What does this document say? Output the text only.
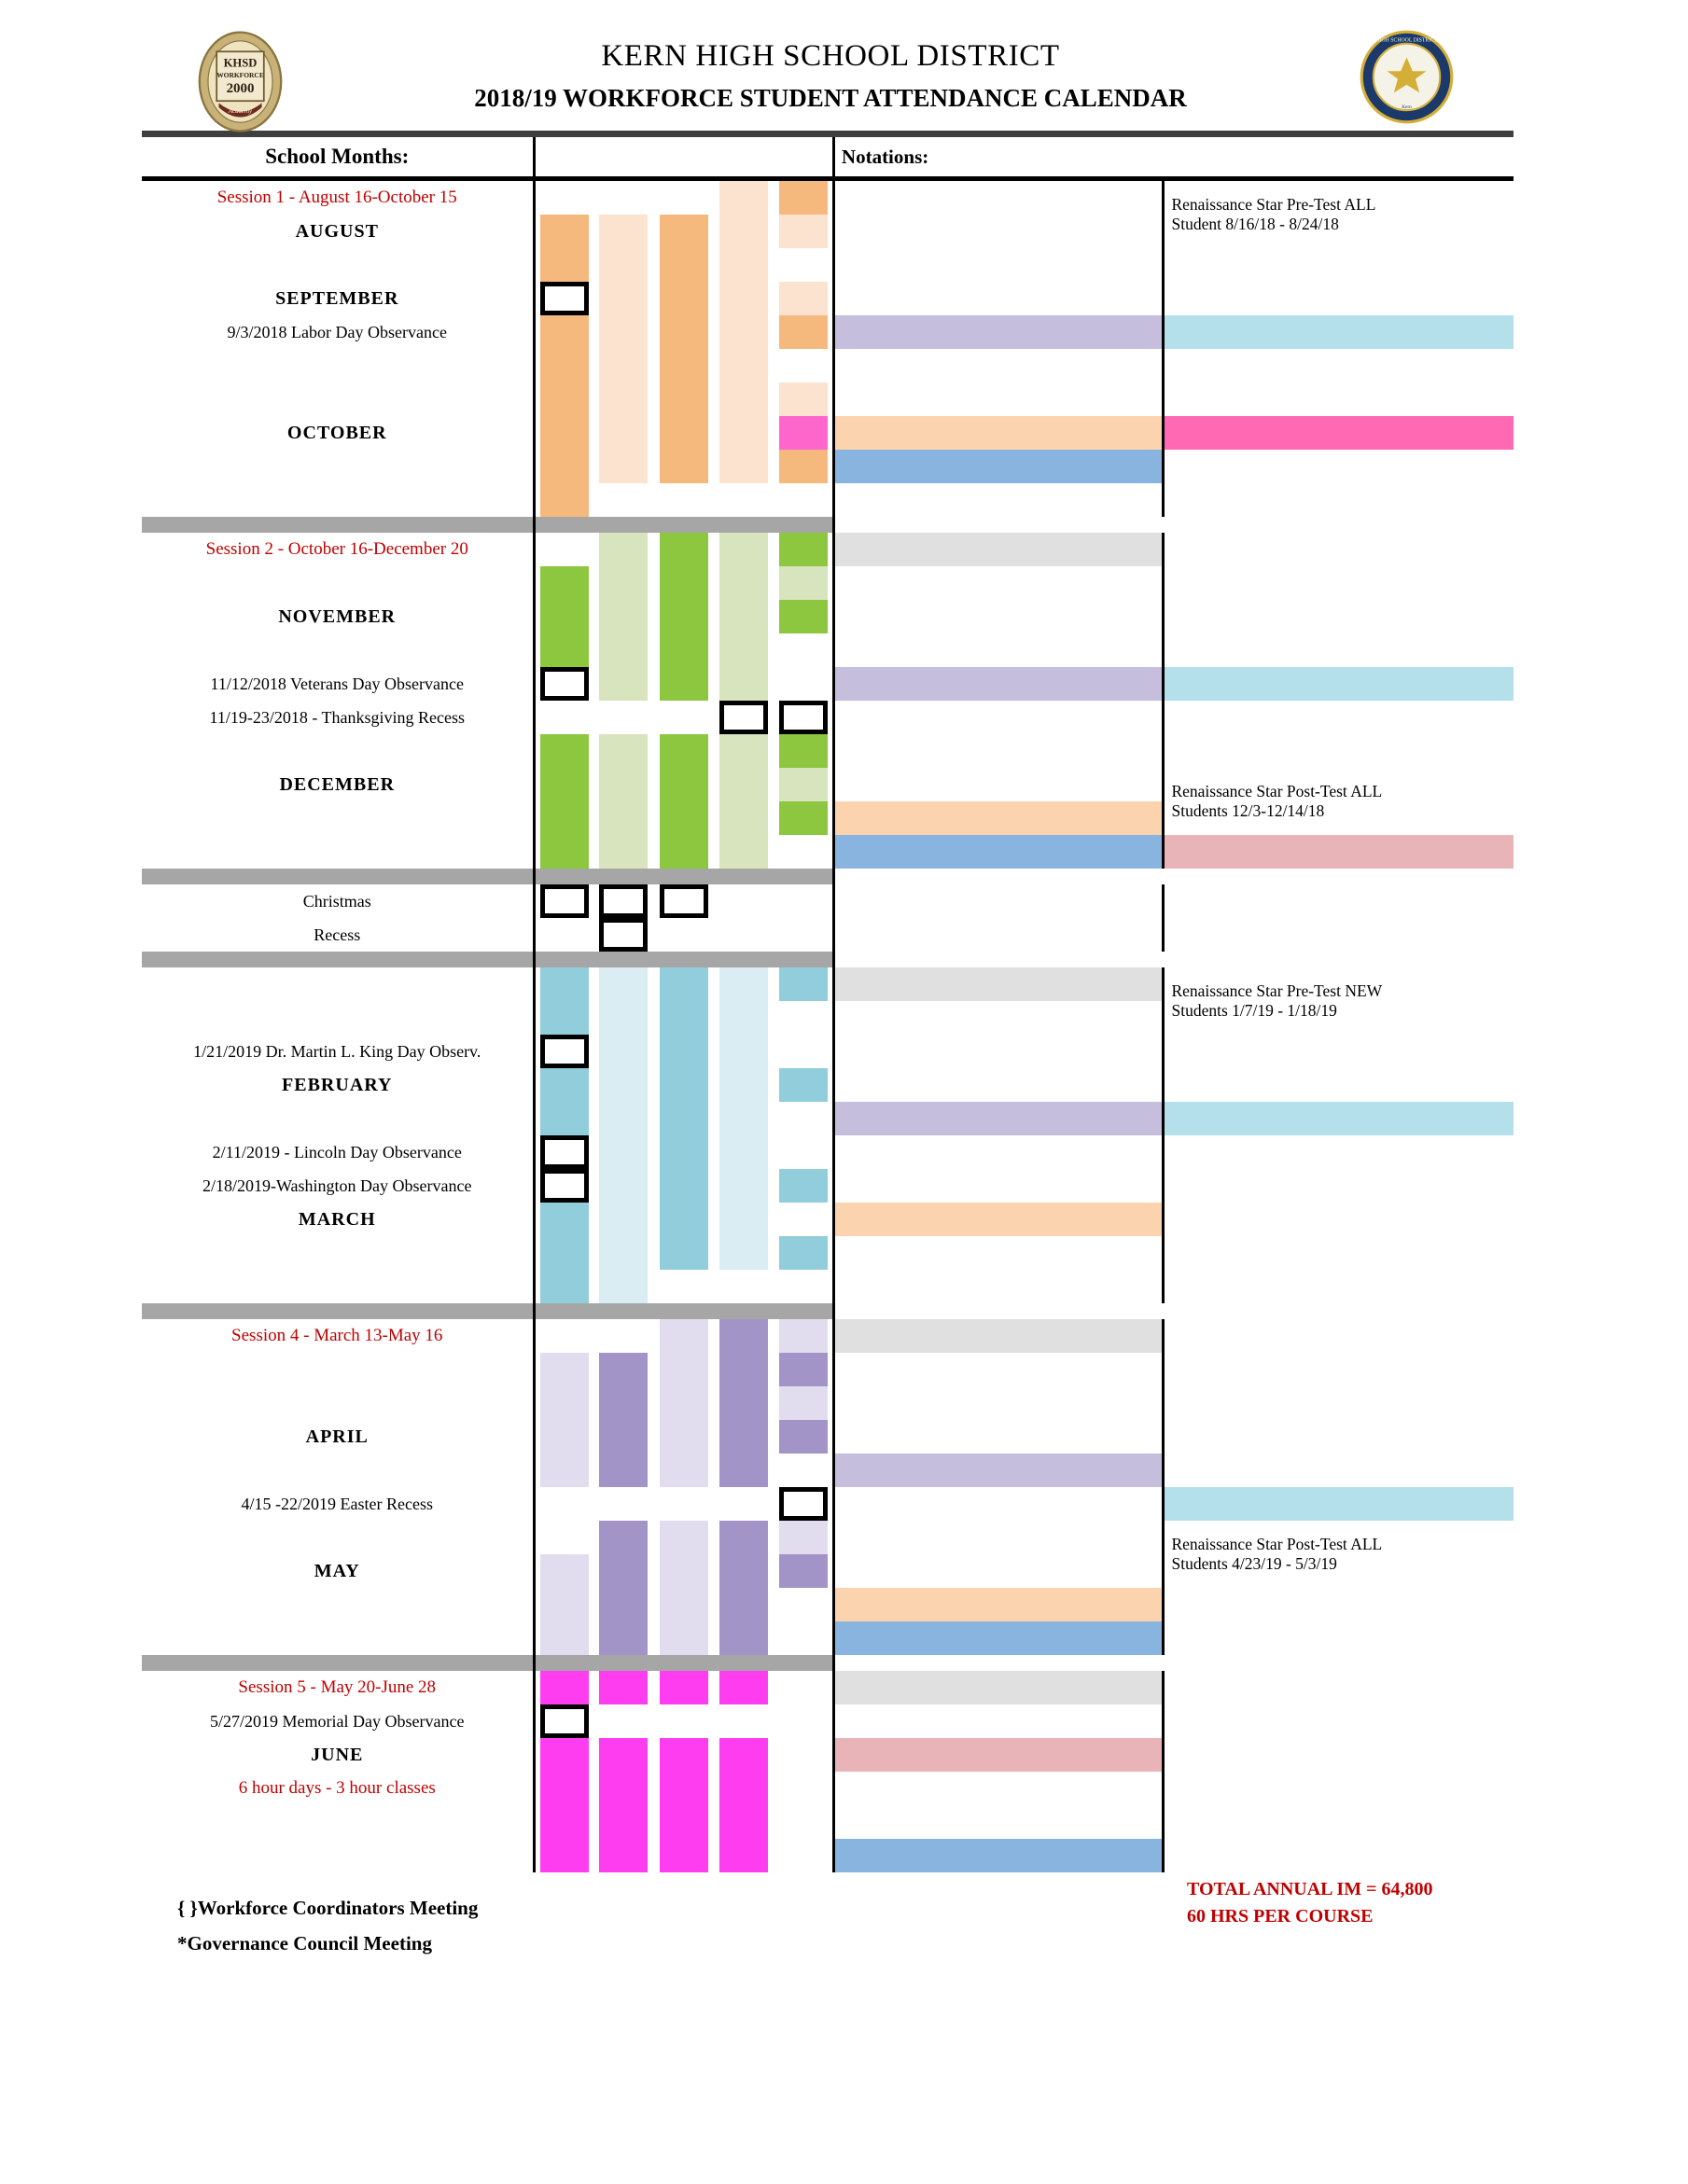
KHSD
WORKFORCE
2000
Academy
KERN HIGH SCHOOL DISTRICT
2018/19 WORKFORCE STUDENT ATTENDANCE CALENDAR
HIGH SCHOOL DISTRICT
Kern

School Months:						Notations:	

Session 1 - August 16-October 15							Renaissance Star Pre-Test ALL
Student 8/16/18 - 8/24/18

AUGUST	

SEPTEMBER	

9/3/2018 Labor Day Observance	

OCTOBER	

Session 2 - October 16-December 20	

NOVEMBER	

11/12/2018 Veterans Day Observance	

11/19-23/2018 - Thanksgiving Recess	

DECEMBER							Renaissance Star Post-Test ALL
Students 12/3-12/14/18

Christmas	

Recess	

Renaissance Star Pre-Test NEW
Students 1/7/19 - 1/18/19

1/21/2019 Dr. Martin L. King Day Observ.	

FEBRUARY	

2/11/2019 - Lincoln Day Observance	

2/18/2019-Washington Day Observance	

MARCH	

Session 4 - March 13-May 16	

APRIL	

4/15 -22/2019 Easter Recess	

Renaissance Star Post-Test ALL
Students 4/23/19 - 5/3/19

MAY	

Session 5 - May 20-June 28	

5/27/2019 Memorial Day Observance	

JUNE	

6 hour days - 3 hour classes	

{ }Workforce Coordinators Meeting
*Governance Council Meeting
TOTAL ANNUAL IM = 64,800
60 HRS PER COURSE
